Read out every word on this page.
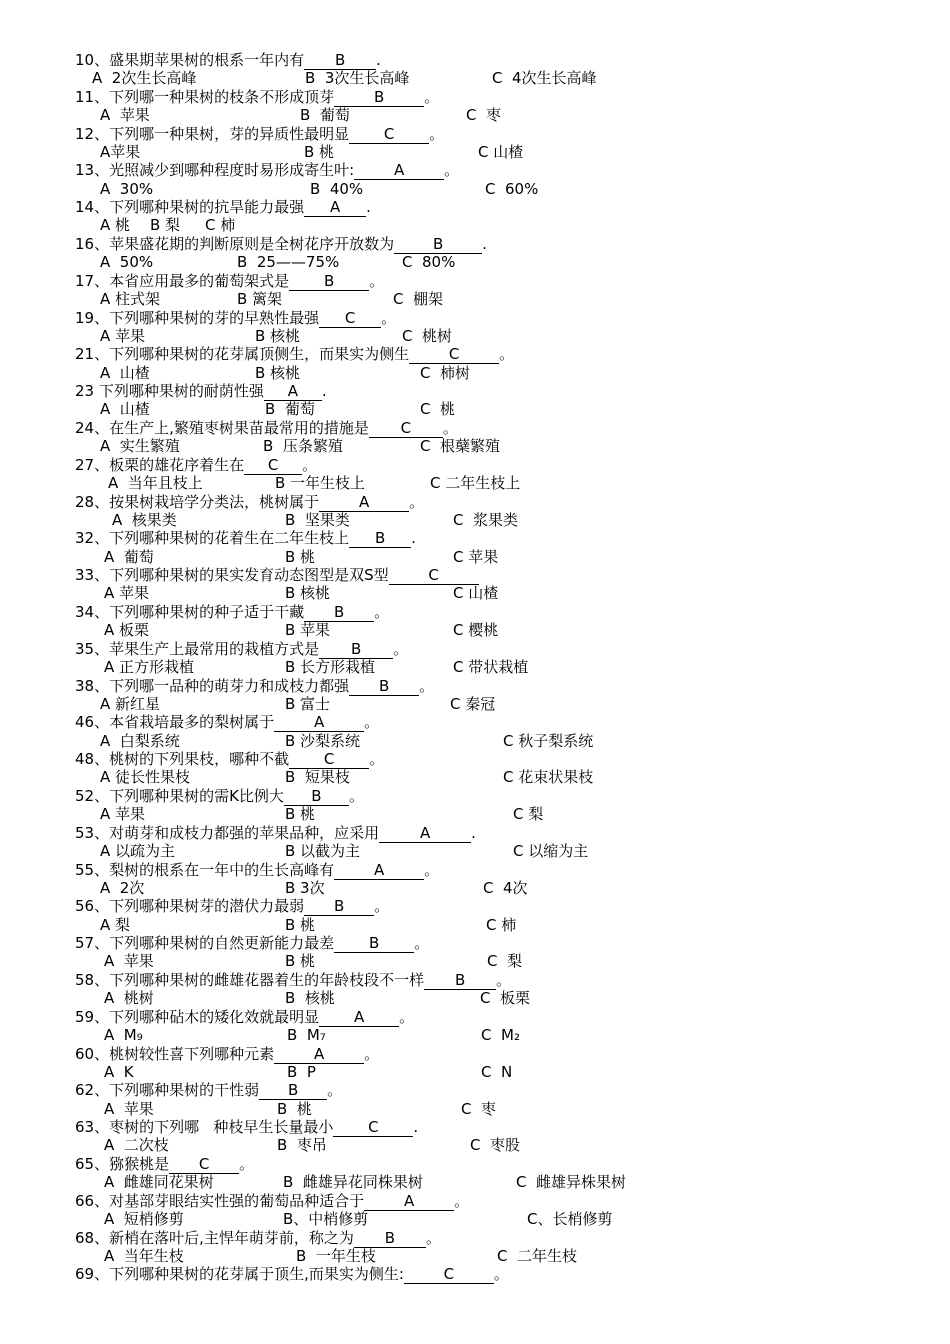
10、盛果期苹果树的根系一年内有 B .
A  2次生长高峰	B  3次生长高峰	C  4次生长高峰
11、下列哪一种果树的枝条不形成顶芽	B	。
A  苹果	B  葡萄	C  枣
12、下列哪一种果树，芽的异质性最明显 C 。
A苹果	B 桃	C 山楂
13、光照减少到哪种程度时易形成寄生叶:	A	。
A  30%	B  40%	C  60%
14、下列哪种果树的抗旱能力最强 A .
A 桃 B 梨 C 柿
16、苹果盛花期的判断原则是全树花序开放数为	B	.
A  50%	B  25——75%	C  80%
17、本省应用最多的葡萄架式是 B 。
A 柱式架	B 篱架	C  棚架
19、下列哪种果树的芽的早熟性最强 C 。
A 苹果	B 核桃	C  桃树
21、下列哪种果树的花芽属顶侧生，而果实为侧生	C	。
A  山楂	B 核桃	C  柿树
23 下列哪种果树的耐荫性强 A .
A  山楂	B  葡萄	C  桃
24、在生产上,繁殖枣树果苗最常用的措施是 C 。
A  实生繁殖	B  压条繁殖	C  根蘖繁殖
27、板栗的雄花序着生在 C 。
A  当年且枝上	B 一年生枝上	C 二年生枝上
28、按果树栽培学分类法，桃树属于	A	。
A  核果类	B  坚果类	C  浆果类
32、下列哪种果树的花着生在二年生枝上 B .
A  葡萄	B 桃	C 苹果
33、下列哪种果树的果实发育动态图型是双S型	C
A 苹果	B 核桃	C 山楂
34、下列哪种果树的种子适于干藏 B 。
A 板栗	B 苹果	C 樱桃
35、苹果生产上最常用的栽植方式是 B 。
A 正方形栽植	B 长方形栽植	C 带状栽植
38、下列哪一品种的萌芽力和成枝力都强 B 。
A 新红星	B 富士	C 秦冠
46、本省栽培最多的梨树属于	A	。
A  白梨系统	B 沙梨系统	C 秋子梨系统
48、桃树的下列果枝，哪种不截 C 。
A 徒长性果枝	B  短果枝	C 花束状果枝
52、下列哪种果树的需K比例大 B 。
A 苹果	B 桃	C 梨
53、对萌芽和成枝力都强的苹果品种，应采用	A	.
A 以疏为主	B 以截为主	C 以缩为主
55、梨树的根系在一年中的生长高峰有	A	。
A  2次	B 3次	C  4次
56、下列哪种果树芽的潜伏力最弱 B 。
A 梨	B 桃	C 柿
57、下列哪种果树的自然更新能力最差 B 。
A  苹果	B 桃	C  梨
58、下列哪种果树的雌雄花器着生的年龄枝段不一样 B 。
A  桃树	B  核桃	C  板栗
59、下列哪种砧木的矮化效就最明显 A 。
A  M₉	B  M₇	C  M₂
60、桃树较性喜下列哪种元素	A	。
A  K	B  P	C  N
62、下列哪种果树的干性弱 B 。
A  苹果	B  桃	C  枣
63、枣树的下列哪   种枝早生长量最小 C .
A  二次枝	B  枣吊	C  枣股
65、猕猴桃是 C 。
A  雌雄同花果树	B  雌雄异花同株果树	C  雌雄异株果树
66、对基部芽眼结实性强的葡萄品种适合于	A	。
A  短梢修剪	B、中梢修剪	C、长梢修剪
68、新梢在落叶后,主悍年萌芽前，称之为 B 。
A  当年生枝	B  一年生枝	C  二年生枝
69、下列哪种果树的花芽属于顶生,而果实为侧生:	C	。
